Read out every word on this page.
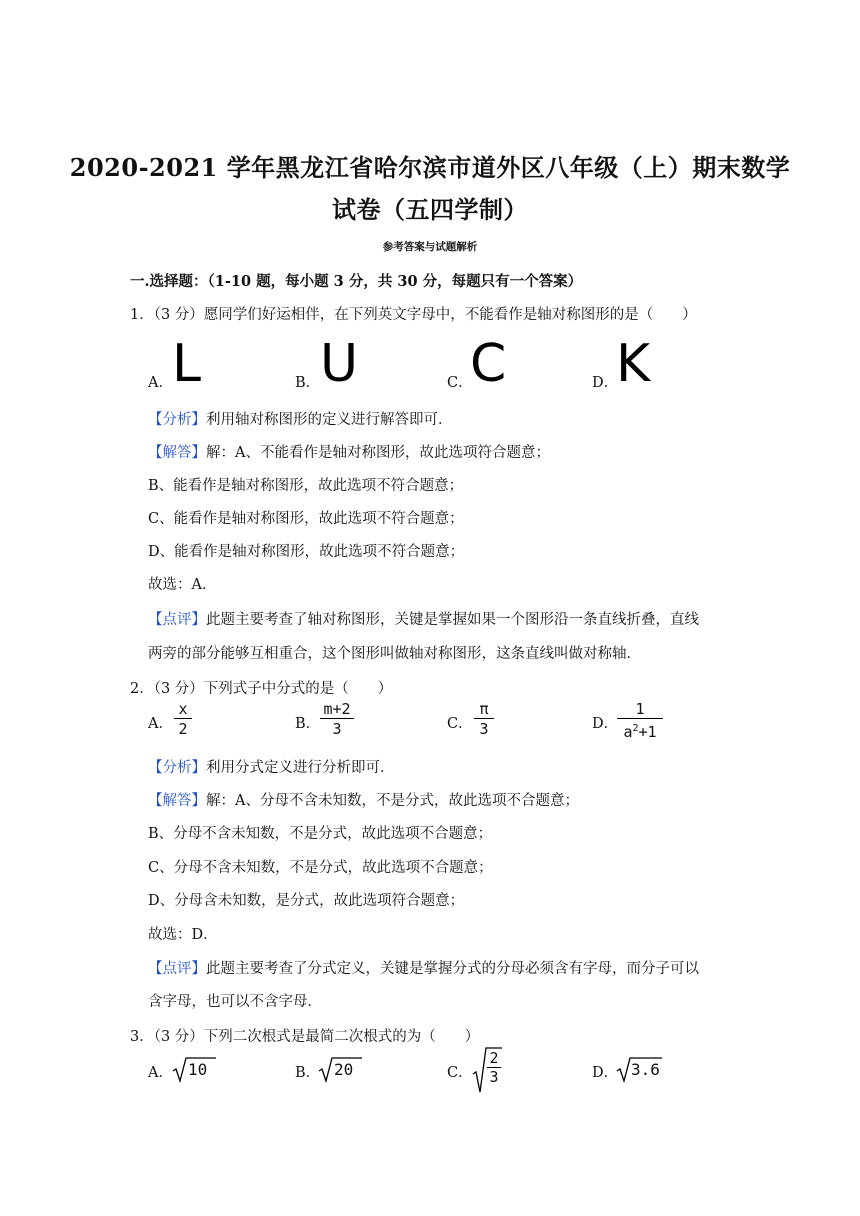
2020-2021 学年黑龙江省哈尔滨市道外区八年级（上）期末数学
试卷（五四学制）
参考答案与试题解析
一.选择题：（1-10 题，每小题 3 分，共 30 分，每题只有一个答案）
1．（3 分）愿同学们好运相伴，在下列英文字母中，不能看作是轴对称图形的是（　　）
A． L	B． U	C．
C	D．
K
【分析】利用轴对称图形的定义进行解答即可．
【解答】解：A、不能看作是轴对称图形，故此选项符合题意；
B、能看作是轴对称图形，故此选项不符合题意；
C、能看作是轴对称图形，故此选项不符合题意；
D、能看作是轴对称图形，故此选项不符合题意；
故选：A．
【点评】此题主要考查了轴对称图形，关键是掌握如果一个图形沿一条直线折叠，直线
两旁的部分能够互相重合，这个图形叫做轴对称图形，这条直线叫做对称轴．
2．（3 分）下列式子中分式的是（　　）
A．
x
2	B．
m+2
3	C．
π
3	D．
1
$a^2+1$
【分析】利用分式定义进行分析即可．
【解答】解：A、分母不含未知数，不是分式，故此选项不合题意；
B、分母不含未知数，不是分式，故此选项不合题意；
C、分母不含未知数，不是分式，故此选项不合题意；
D、分母含未知数，是分式，故此选项符合题意；
故选：D．
【点评】此题主要考查了分式定义，关键是掌握分式的分母必须含有字母，而分子可以
含字母，也可以不含字母．
3．（3 分）下列二次根式是最简二次根式的为（　　）
A． 10	B． 20	C．
2
3	D． 3.6
